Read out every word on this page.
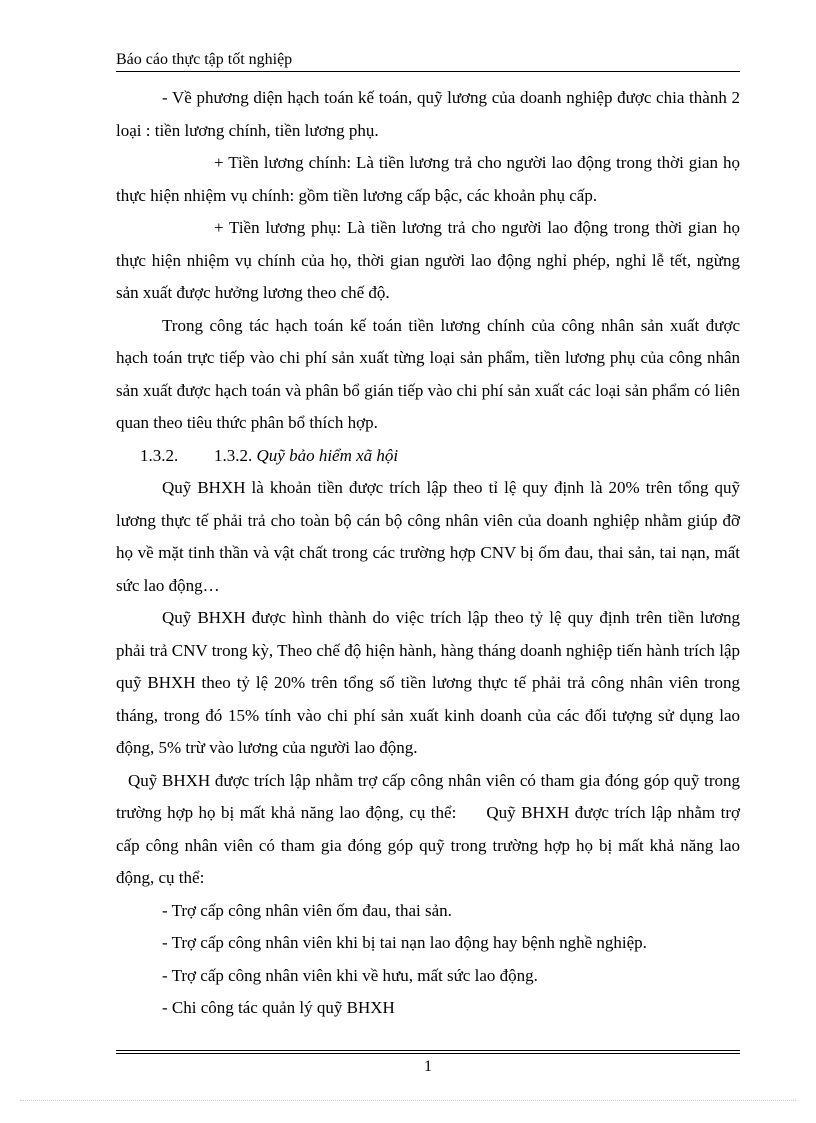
Báo cáo thực tập tốt nghiệp

- Về phương diện hạch toán kế toán, quỹ lương của doanh nghiệp được chia thành 2 loại : tiền lương chính, tiền lương phụ.

+ Tiền lương chính: Là tiền lương trả cho người lao động trong thời gian họ thực hiện nhiệm vụ chính: gồm tiền lương cấp bậc, các khoản phụ cấp.

+ Tiền lương phụ: Là tiền lương trả cho người lao động trong thời gian họ thực hiện nhiệm vụ chính của họ, thời gian người lao động nghỉ phép, nghỉ lễ tết, ngừng sản xuất được hưởng lương theo chế độ.

Trong công tác hạch toán kế toán tiền lương chính của công nhân sản xuất được hạch toán trực tiếp vào chi phí sản xuất từng loại sản phẩm, tiền lương phụ của công nhân sản xuất được hạch toán và phân bổ gián tiếp vào chi phí sản xuất các loại sản phẩm có liên quan theo tiêu thức phân bổ thích hợp.

1.3.2. 1.3.2. Quỹ bảo hiểm xã hội

Quỹ BHXH là khoản tiền được trích lập theo tỉ lệ quy định là 20% trên tổng quỹ lương thực tế phải trả cho toàn bộ cán bộ công nhân viên của doanh nghiệp nhằm giúp đỡ họ về mặt tinh thần và vật chất trong các trường hợp CNV bị ốm đau, thai sản, tai nạn, mất sức lao động…

Quỹ BHXH được hình thành do việc trích lập theo tỷ lệ quy định trên tiền lương phải trả CNV trong kỳ, Theo chế độ hiện hành, hàng tháng doanh nghiệp tiến hành trích lập quỹ BHXH theo tỷ lệ 20% trên tổng số tiền lương thực tế phải trả công nhân viên trong tháng, trong đó 15% tính vào chi phí sản xuất kinh doanh của các đối tượng sử dụng lao động, 5% trừ vào lương của người lao động.

Quỹ BHXH được trích lập nhằm trợ cấp công nhân viên có tham gia đóng góp quỹ trong trường hợp họ bị mất khả năng lao động, cụ thể: Quỹ BHXH được trích lập nhằm trợ cấp công nhân viên có tham gia đóng góp quỹ trong trường hợp họ bị mất khả năng lao động, cụ thể:

- Trợ cấp công nhân viên ốm đau, thai sản.

- Trợ cấp công nhân viên khi bị tai nạn lao động hay bệnh nghề nghiệp.

- Trợ cấp công nhân viên khi về hưu, mất sức lao động.

- Chi công tác quản lý quỹ BHXH

1
